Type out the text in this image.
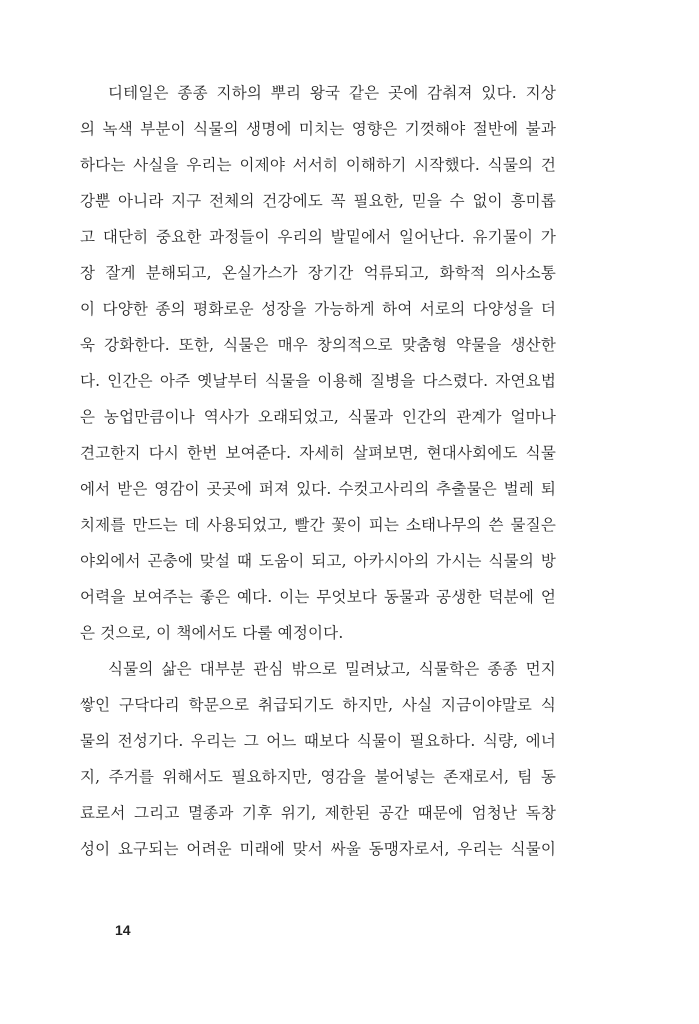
디테일은 종종 지하의 뿌리 왕국 같은 곳에 감춰져 있다. 지상
의 녹색 부분이 식물의 생명에 미치는 영향은 기껏해야 절반에 불과
하다는 사실을 우리는 이제야 서서히 이해하기 시작했다. 식물의 건
강뿐 아니라 지구 전체의 건강에도 꼭 필요한, 믿을 수 없이 흥미롭
고 대단히 중요한 과정들이 우리의 발밑에서 일어난다. 유기물이 가
장 잘게 분해되고, 온실가스가 장기간 억류되고, 화학적 의사소통
이 다양한 종의 평화로운 성장을 가능하게 하여 서로의 다양성을 더
욱 강화한다. 또한, 식물은 매우 창의적으로 맞춤형 약물을 생산한
다. 인간은 아주 옛날부터 식물을 이용해 질병을 다스렸다. 자연요법
은 농업만큼이나 역사가 오래되었고, 식물과 인간의 관계가 얼마나
견고한지 다시 한번 보여준다. 자세히 살펴보면, 현대사회에도 식물
에서 받은 영감이 곳곳에 퍼져 있다. 수컷고사리의 추출물은 벌레 퇴
치제를 만드는 데 사용되었고, 빨간 꽃이 피는 소태나무의 쓴 물질은
야외에서 곤충에 맞설 때 도움이 되고, 아카시아의 가시는 식물의 방
어력을 보여주는 좋은 예다. 이는 무엇보다 동물과 공생한 덕분에 얻
은 것으로, 이 책에서도 다룰 예정이다.
식물의 삶은 대부분 관심 밖으로 밀려났고, 식물학은 종종 먼지
쌓인 구닥다리 학문으로 취급되기도 하지만, 사실 지금이야말로 식
물의 전성기다. 우리는 그 어느 때보다 식물이 필요하다. 식량, 에너
지, 주거를 위해서도 필요하지만, 영감을 불어넣는 존재로서, 팀 동
료로서 그리고 멸종과 기후 위기, 제한된 공간 때문에 엄청난 독창
성이 요구되는 어려운 미래에 맞서 싸울 동맹자로서, 우리는 식물이
14
